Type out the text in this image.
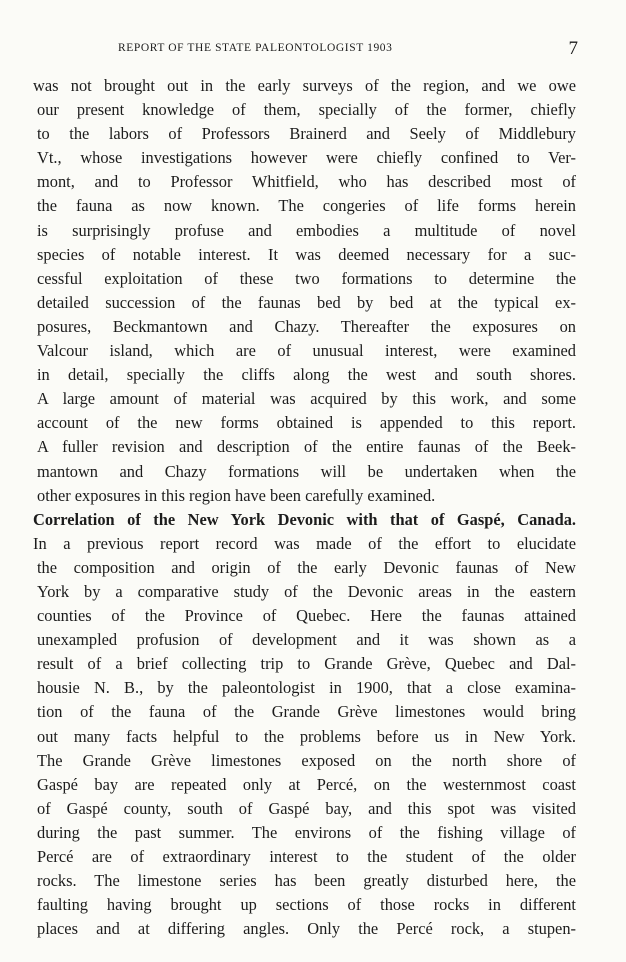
REPORT OF THE STATE PALEONTOLOGIST 1903	7
was not brought out in the early surveys of the region, and we owe
our present knowledge of them, specially of the former, chiefly
to the labors of Professors Brainerd and Seely of Middlebury
Vt., whose investigations however were chiefly confined to Ver-
mont, and to Professor Whitfield, who has described most of
the fauna as now known. The congeries of life forms herein
is surprisingly profuse and embodies a multitude of novel
species of notable interest. It was deemed necessary for a suc-
cessful exploitation of these two formations to determine the
detailed succession of the faunas bed by bed at the typical ex-
posures, Beckmantown and Chazy. Thereafter the exposures on
Valcour island, which are of unusual interest, were examined
in detail, specially the cliffs along the west and south shores.
A large amount of material was acquired by this work, and some
account of the new forms obtained is appended to this report.
A fuller revision and description of the entire faunas of the Beek-
mantown and Chazy formations will be undertaken when the
other exposures in this region have been carefully examined.
Correlation of the New York Devonic with that of Gaspé, Canada.
In a previous report record was made of the effort to elucidate
the composition and origin of the early Devonic faunas of New
York by a comparative study of the Devonic areas in the eastern
counties of the Province of Quebec. Here the faunas attained
unexampled profusion of development and it was shown as a
result of a brief collecting trip to Grande Grève, Quebec and Dal-
housie N. B., by the paleontologist in 1900, that a close examina-
tion of the fauna of the Grande Grève limestones would bring
out many facts helpful to the problems before us in New York.
The Grande Grève limestones exposed on the north shore of
Gaspé bay are repeated only at Percé, on the westernmost coast
of Gaspé county, south of Gaspé bay, and this spot was visited
during the past summer. The environs of the fishing village of
Percé are of extraordinary interest to the student of the older
rocks. The limestone series has been greatly disturbed here, the
faulting having brought up sections of those rocks in different
places and at differing angles. Only the Percé rock, a stupen-
